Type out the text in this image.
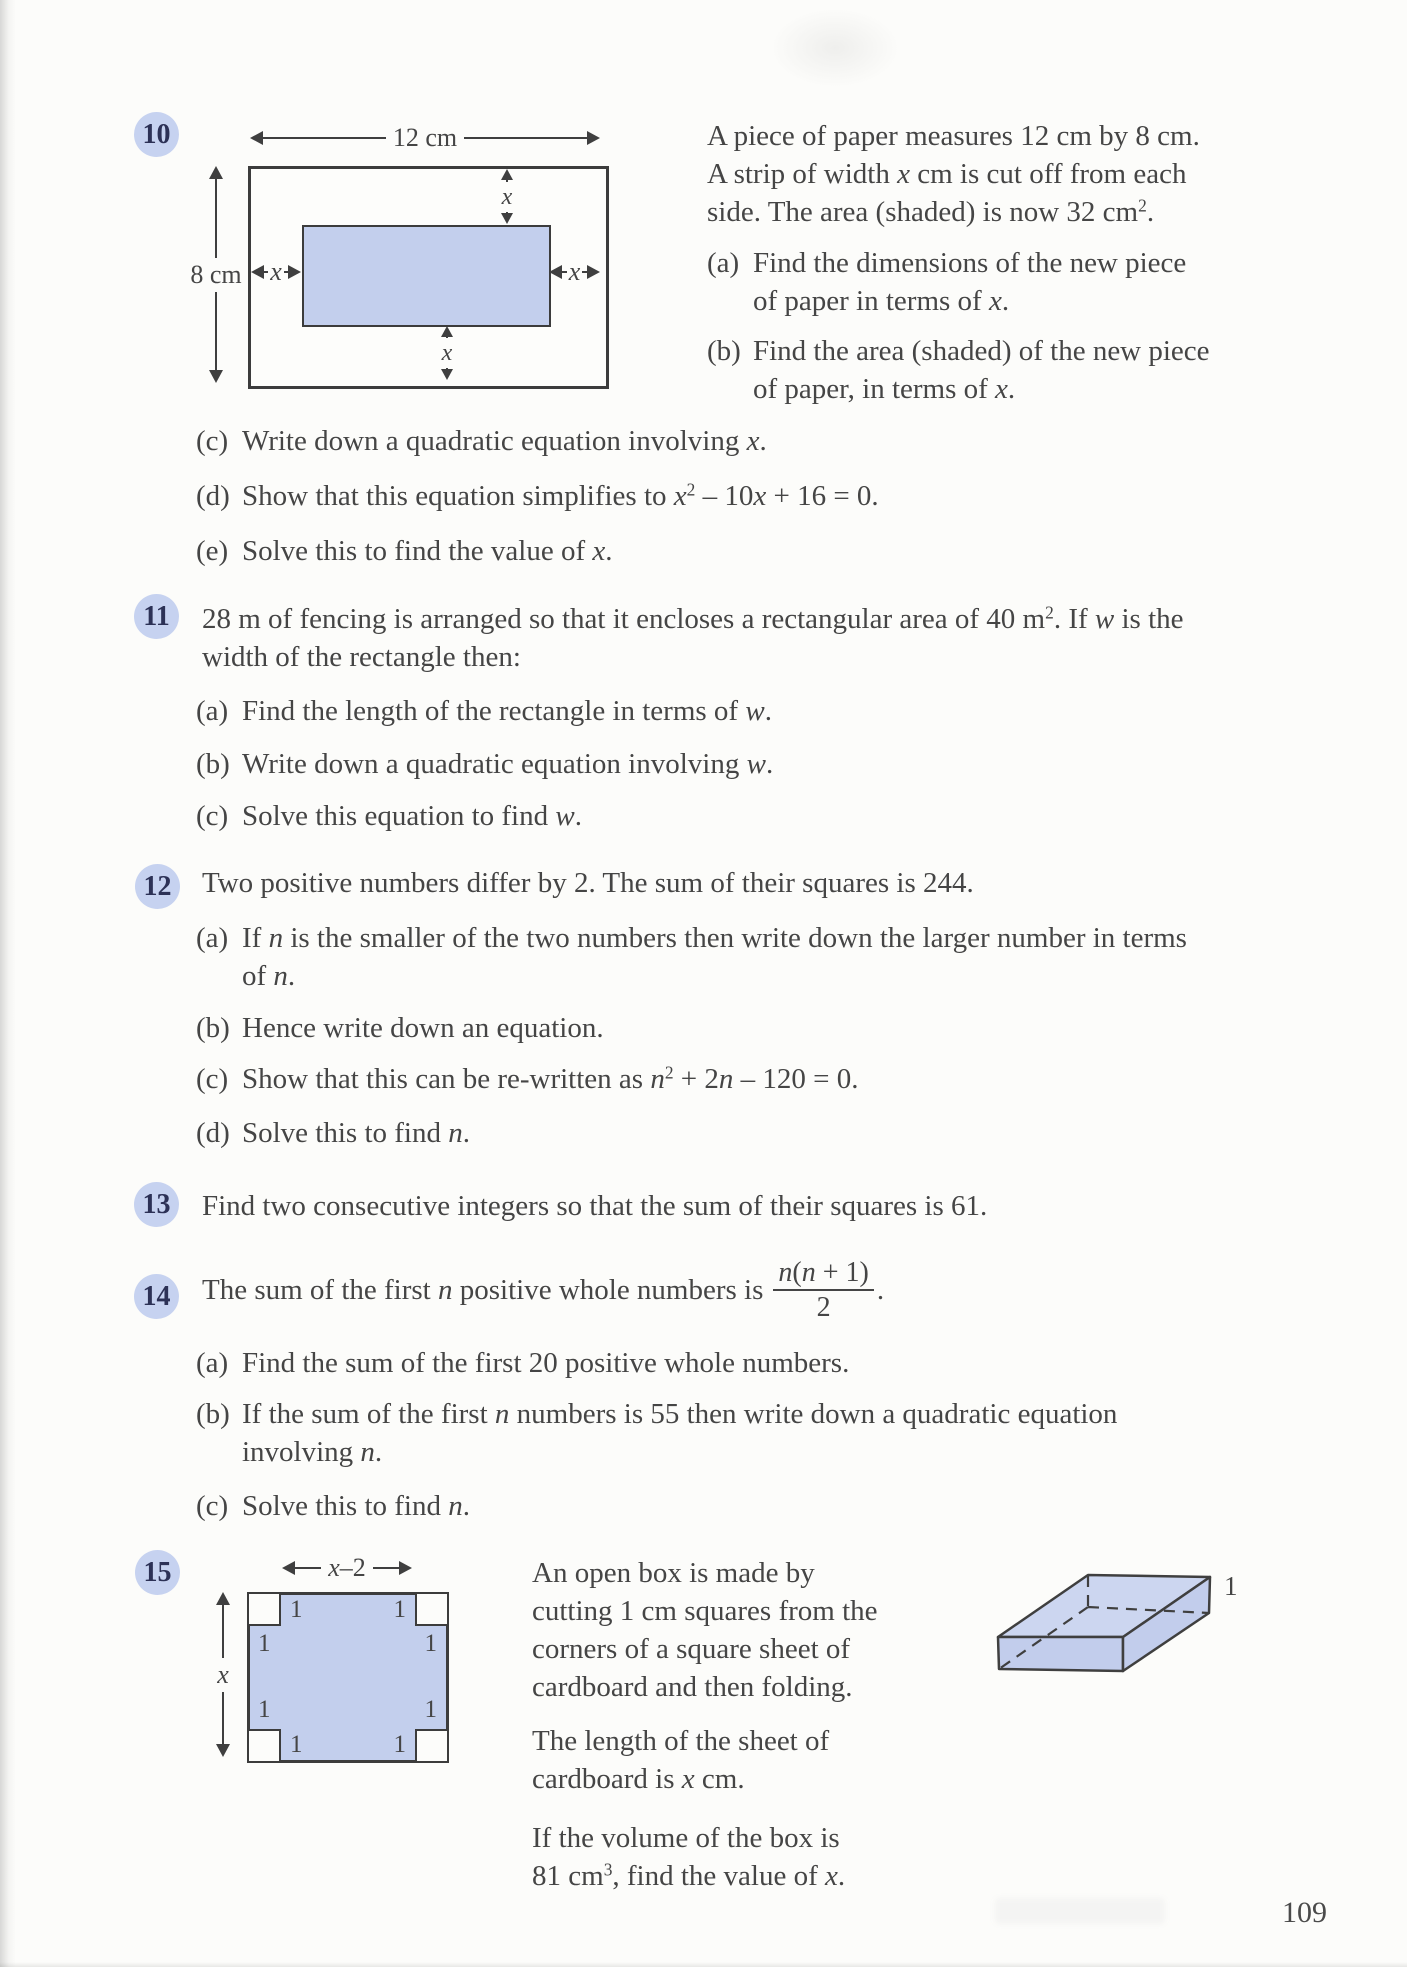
10	12 cm
8 cm
x
x
x	x
A piece of paper measures 12 cm by 8 cm.
A strip of width x cm is cut off from each
side. The area (shaded) is now 32 $cm^2$.
(a) Find the dimensions of the new piece
of paper in terms of x.
(b) Find the area (shaded) of the new piece
of paper, in terms of x.
(c) Write down a quadratic equation involving x.
(d) Show that this equation simplifies to $x^2 - 10x + 16 = 0$.
(e) Solve this to find the value of x.
11	28 m of fencing is arranged so that it encloses a rectangular area of 40 $m^2$. If w is the
width of the rectangle then:
(a) Find the length of the rectangle in terms of w.
(b) Write down a quadratic equation involving w.
(c) Solve this equation to find w.
12 Two positive numbers differ by 2. The sum of their squares is 244.
(a) If n is the smaller of the two numbers then write down the larger number in terms
of n.
(b) Hence write down an equation.
(c) Show that this can be re-written as $n^2 + 2n - 120 = 0$.
(d) Solve this to find n.
13 Find two consecutive integers so that the sum of their squares is 61.
14 The sum of the first n positive whole numbers is $\frac{n(n + 1)}{2}$ .
(a) Find the sum of the first 20 positive whole numbers.
(b) If the sum of the first n numbers is 55 then write down a quadratic equation
involving n.
(c) Solve this to find n.
15	x–2
x
1
1
1
1
1
1
1
1
An open box is made by
cutting 1 cm squares from the
corners of a square sheet of
cardboard and then folding.
The length of the sheet of
cardboard is x cm.
If the volume of the box is
81 $cm^3$, find the value of x.
1
109
